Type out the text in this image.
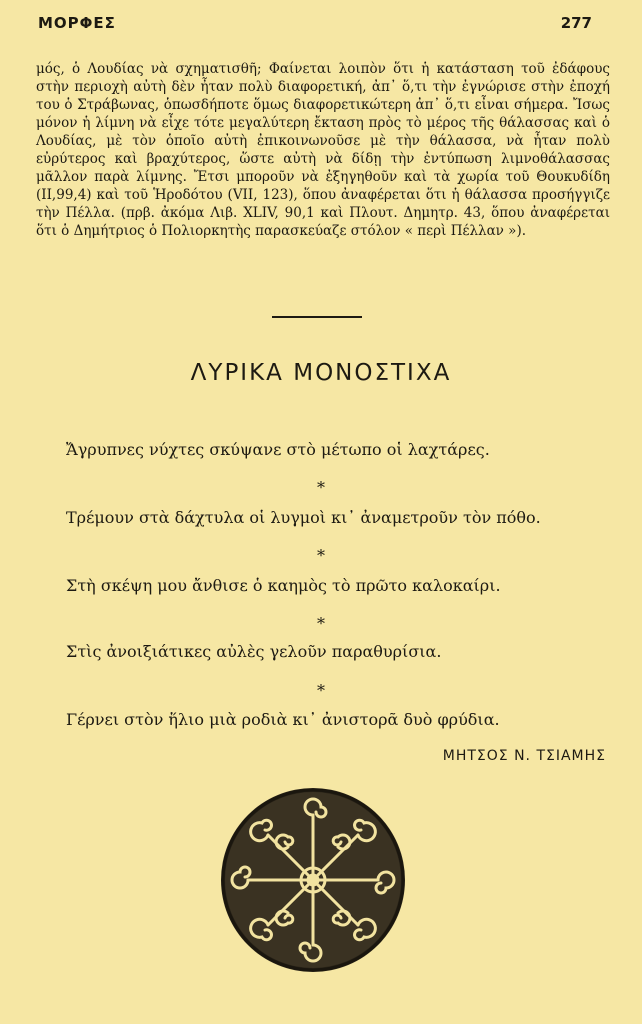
ΜΟΡΦΕΣ	277

μός, ὁ Λουδίας νὰ σχηματισθῆ; Φαίνεται λοιπὸν ὅτι ἡ κατάσταση τοῦ ἐδάφους στὴν περιοχὴ αὐτὴ δὲν ἦταν πολὺ διαφορετική, ἀπ᾿ ὅ,τι τὴν ἐγνώρισε στὴν ἐποχή του ὁ Στράβωνας, ὁπωσδήποτε ὅμως διαφορετικώτερη ἀπ᾿ ὅ,τι εἶναι σήμερα. Ἴσως μόνον ἡ λίμνη νὰ εἶχε τότε μεγαλύτερη ἔκταση πρὸς τὸ μέρος τῆς θάλασσας καὶ ὁ Λουδίας, μὲ τὸν ὁποῖο αὐτὴ ἐπικοινωνοῦσε μὲ τὴν θάλασσα, νὰ ἦταν πολὺ εὐρύτερος καὶ βραχύτερος, ὥστε αὐτὴ νὰ δίδῃ τὴν ἐντύπωση λιμνοθάλασσας μᾶλλον παρὰ λίμνης. Ἔτσι μποροῦν νὰ ἐξηγηθοῦν καὶ τὰ χωρία τοῦ Θουκυδίδη (ΙΙ,99,4) καὶ τοῦ Ἡροδότου (VII, 123), ὅπου ἀναφέρεται ὅτι ἡ θάλασσα προσήγγιζε τὴν Πέλλα. (πρβ. ἀκόμα Λιβ. XLIV, 90,1 καὶ Πλουτ. Δημητρ. 43, ὅπου ἀναφέρεται ὅτι ὁ Δημήτριος ὁ Πολιορκητὴς παρασκεύαζε στόλον « περὶ Πέλλαν »).

ΛΥΡΙΚΑ ΜΟΝΟΣΤΙΧΑ
Ἄγρυπνες νύχτες σκύψανε στὸ μέτωπο οἱ λαχτάρες.
*
Τρέμουν στὰ δάχτυλα οἱ λυγμοὶ κι᾿ ἀναμετροῦν τὸν πόθο.
*
Στὴ σκέψη μου ἄνθισε ὁ καημὸς τὸ πρῶτο καλοκαίρι.
*
Στὶς ἀνοιξιάτικες αὐλὲς γελοῦν παραθυρίσια.
*
Γέρνει στὸν ἥλιο μιὰ ροδιὰ κι᾿ ἀνιστορᾶ δυὸ φρύδια.
ΜΗΤΣΟΣ Ν. ΤΣΙΑΜΗΣ
